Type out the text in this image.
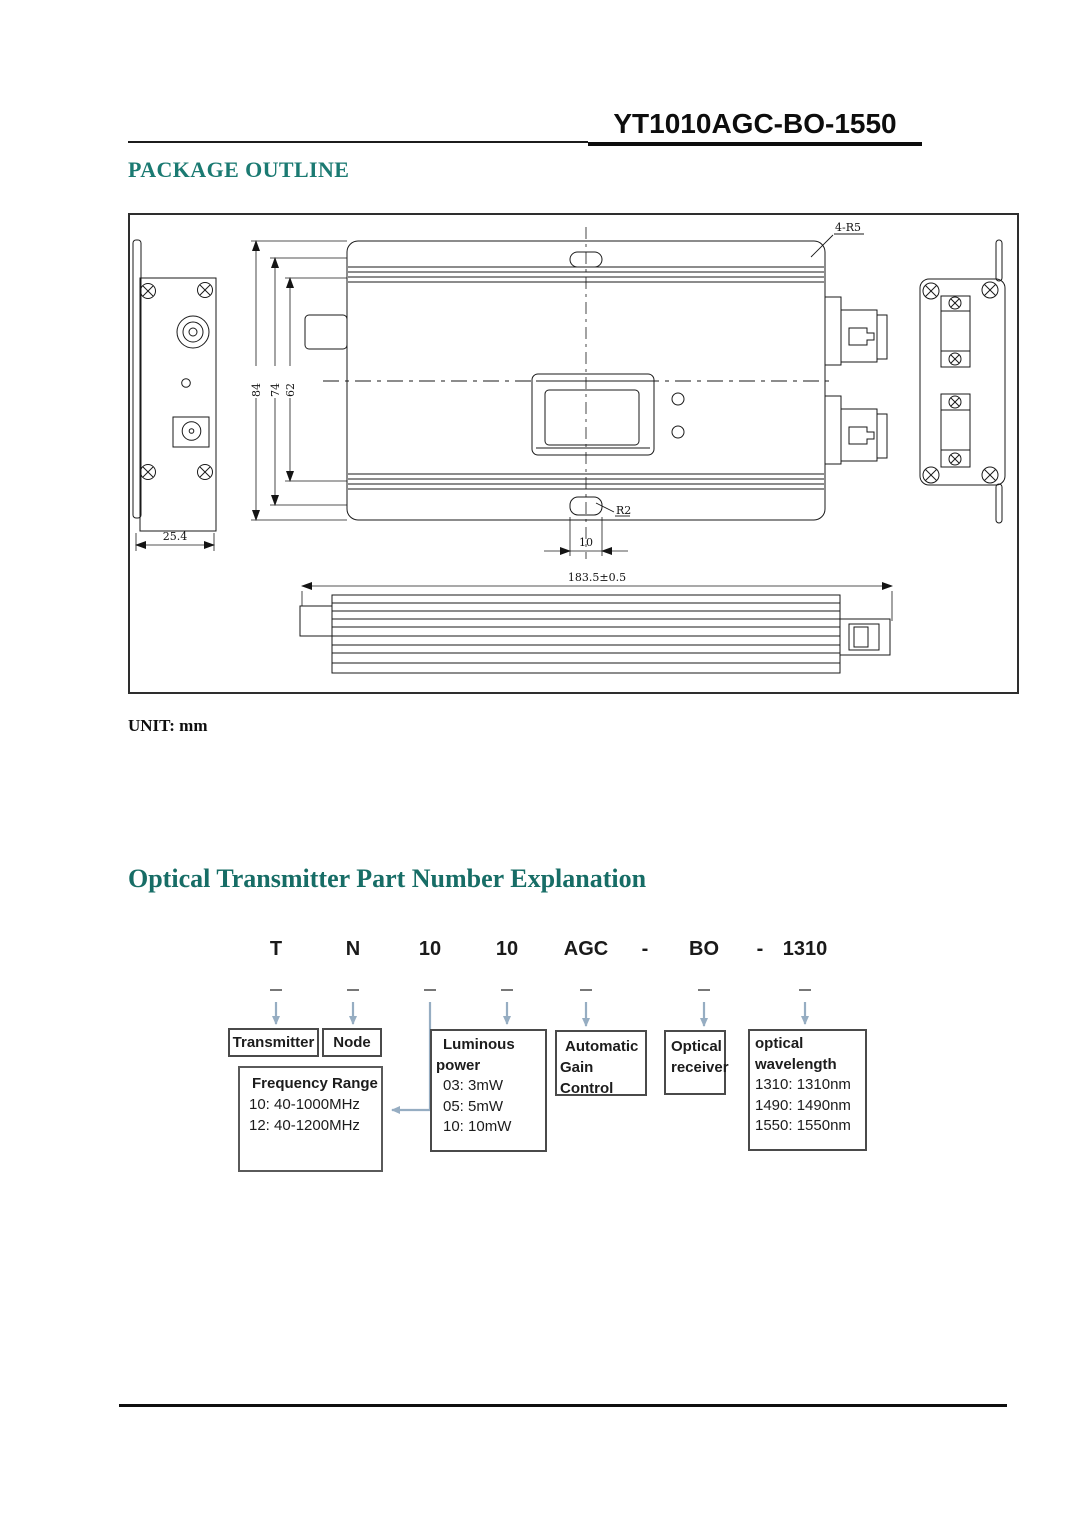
YT1010AGC-BO-1550
PACKAGE OUTLINE
25.4
84 74 62
4-R5
R2
10
183.5±0.5
UNIT: mm
Optical Transmitter Part Number Explanation
T	N	10	10 AGC - BO - 1310
Transmitter Node
Frequency Range
10: 40-1000MHz
12: 40-1200MHz
Luminous
power
03: 3mW
05: 5mW
10: 10mW
Automatic
Gain Control
Optical
receiver
optical
wavelength
1310: 1310nm
1490: 1490nm
1550: 1550nm
